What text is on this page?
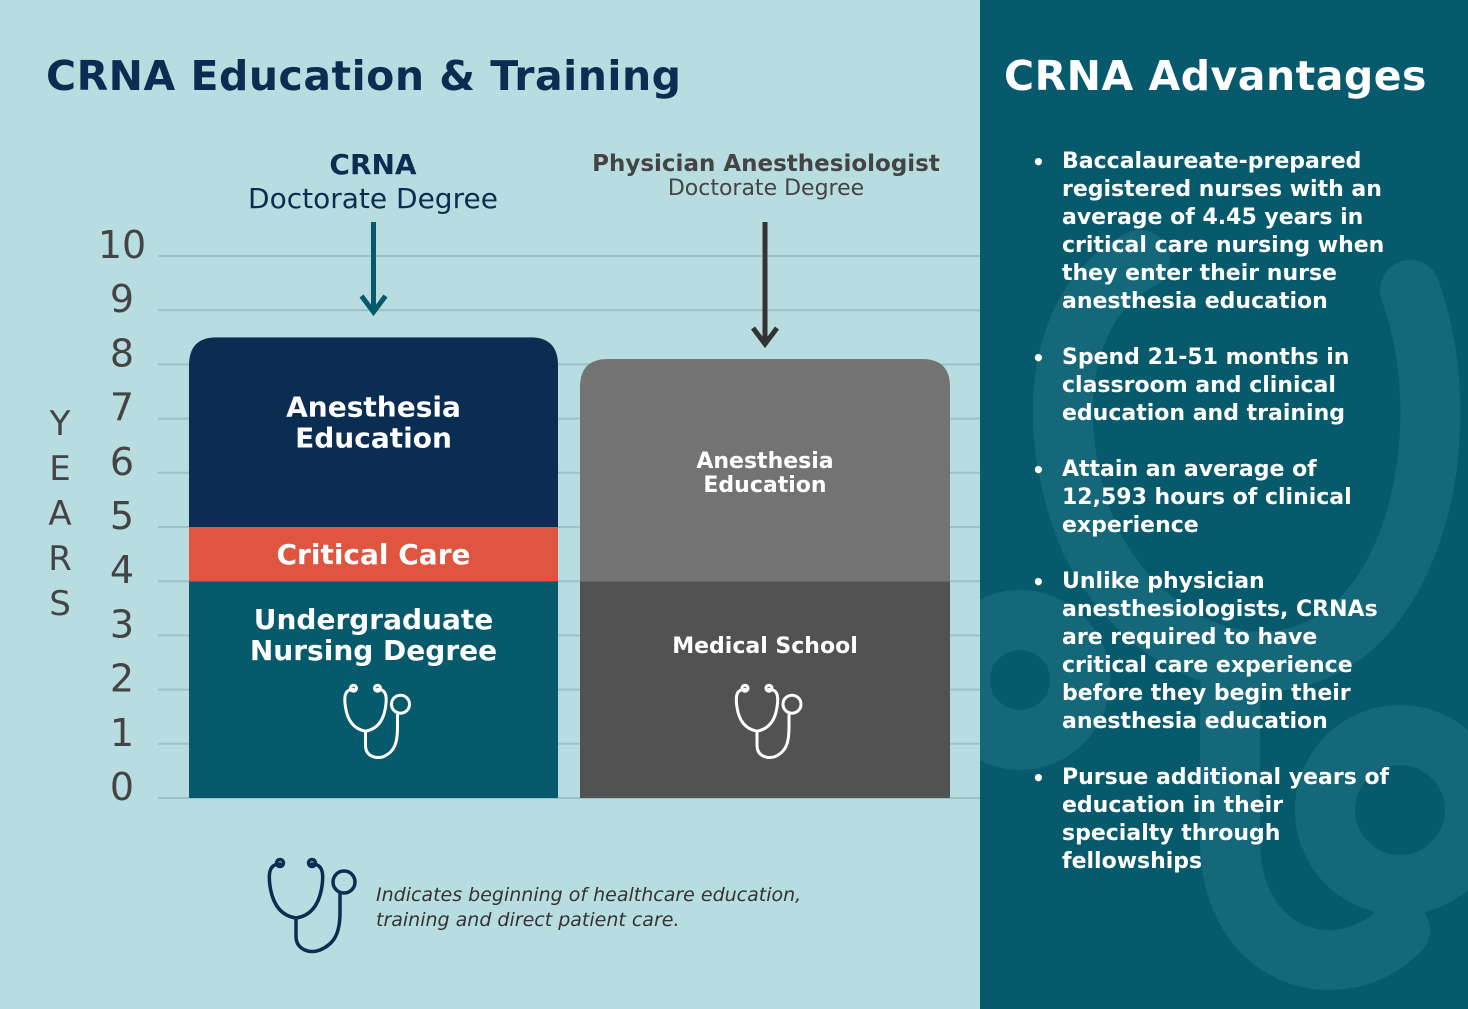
CRNA Education & Training
CRNA
Doctorate Degree
Physician Anesthesiologist
Doctorate Degree
Y
E
A
R
S
0
1
2
3
4
5
6
7
8
9
10
Undergraduate
Nursing Degree
Critical Care
Anesthesia
Education
Medical School
Anesthesia
Education
Indicates beginning of healthcare education,
training and direct patient care.
CRNA Advantages
• Baccalaureate-prepared registered nurses with an average of 4.45 years in critical care nursing when they enter their nurse anesthesia education
• Spend 21-51 months in classroom and clinical education and training
• Attain an average of 12,593 hours of clinical experience
• Unlike physician anesthesiologists, CRNAs are required to have critical care experience before they begin their anesthesia education
• Pursue additional years of education in their specialty through fellowships
